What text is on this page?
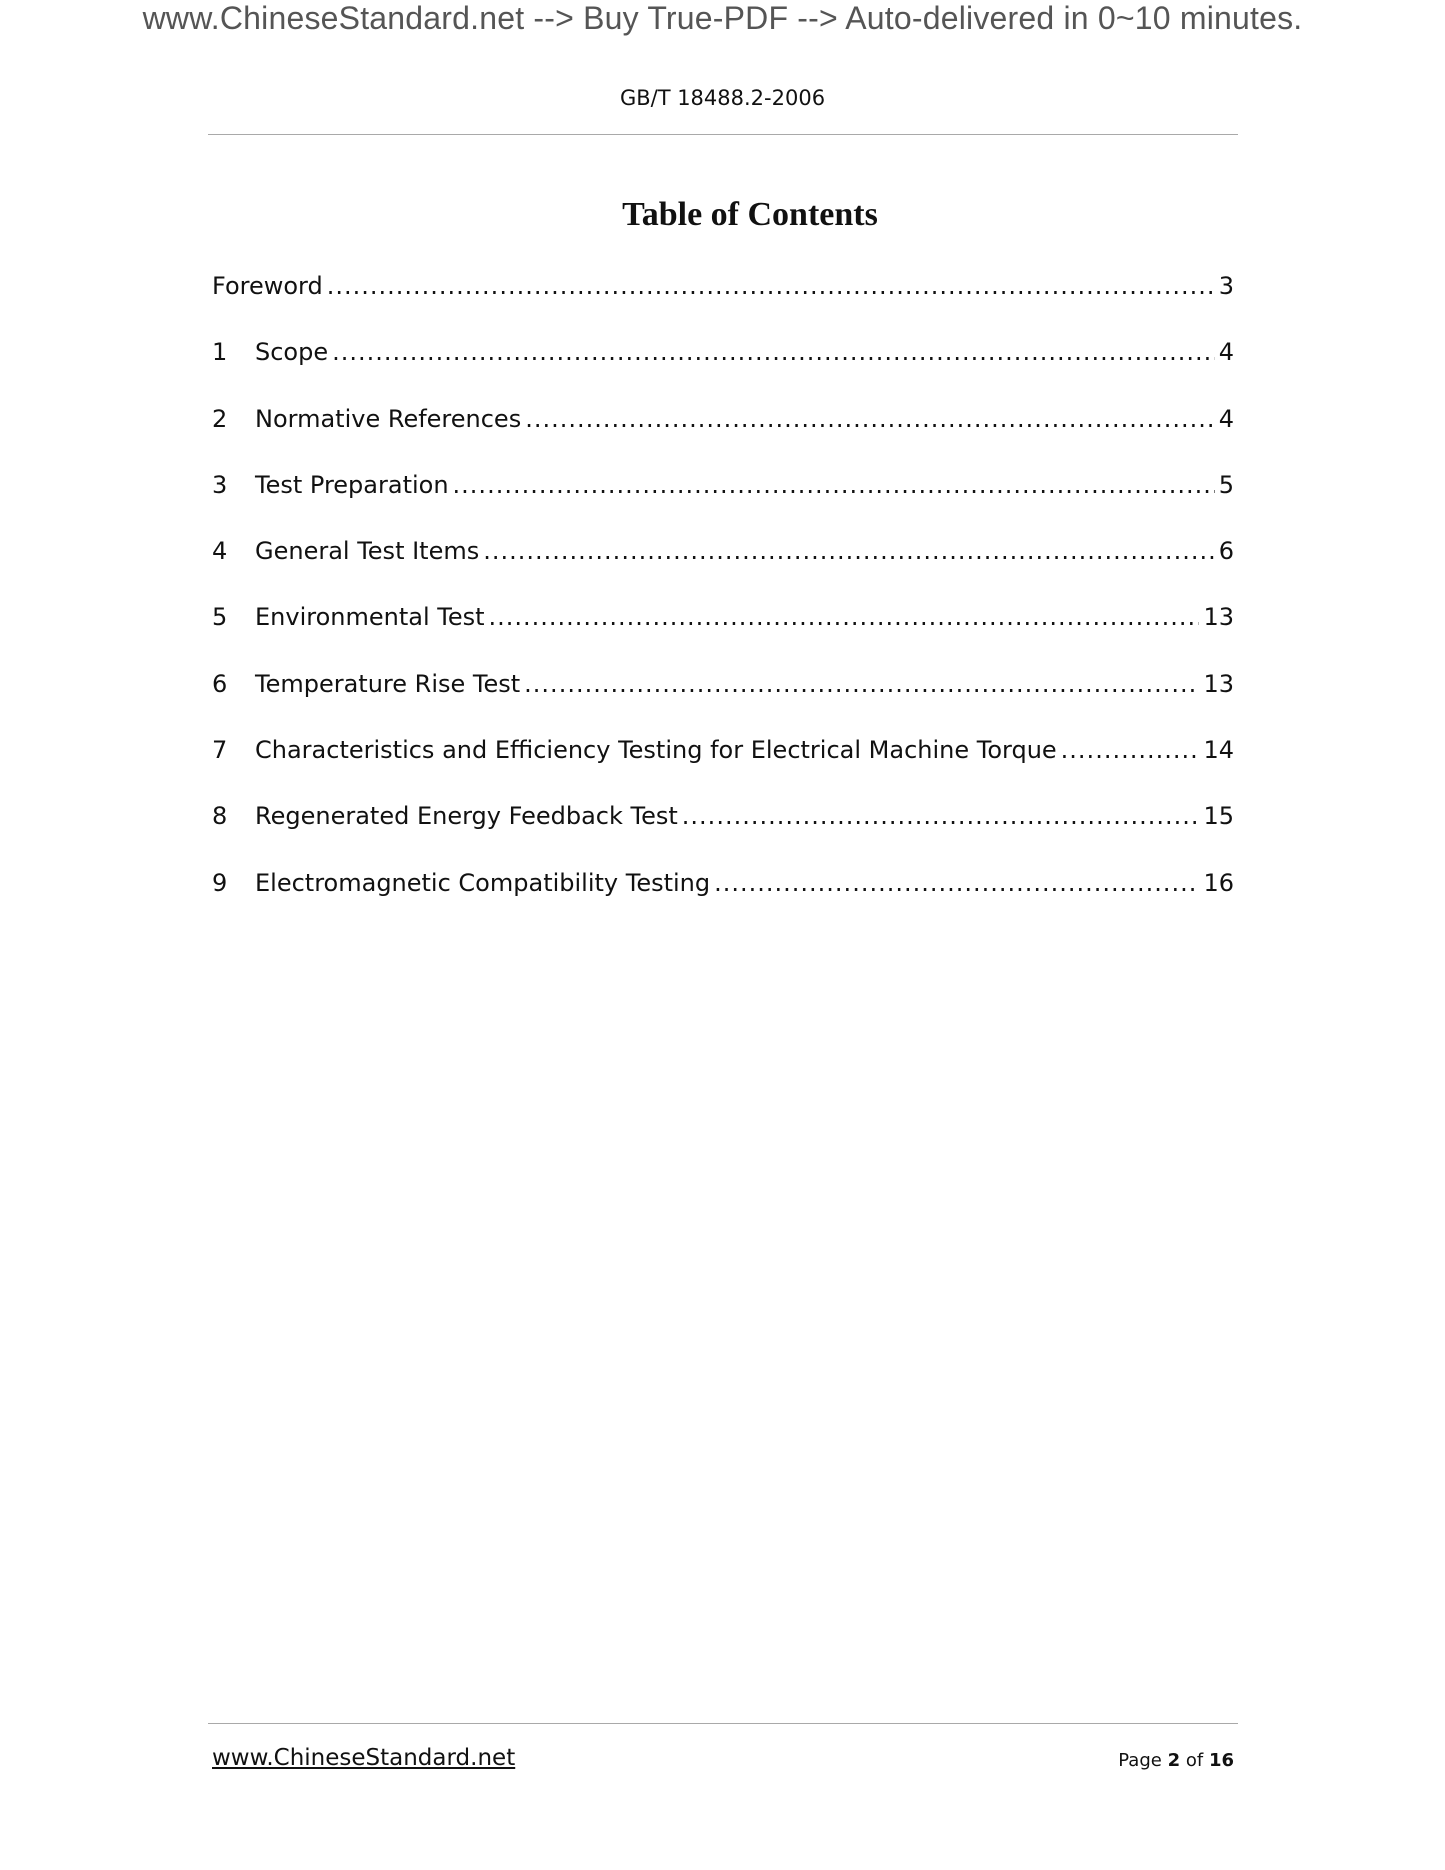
www.ChineseStandard.net --> Buy True-PDF --> Auto-delivered in 0~10 minutes.
GB/T 18488.2-2006
Table of Contents
Foreword .....	3
1	Scope .....	4
2	Normative References .....	4
3	Test Preparation .....	5
4	General Test Items .....	6
5	Environmental Test .....	13
6	Temperature Rise Test .....	13
7	Characteristics and Efficiency Testing for Electrical Machine Torque .....	14
8	Regenerated Energy Feedback Test .....	15
9	Electromagnetic Compatibility Testing .....	16
www.ChineseStandard.net	Page 2 of 16
